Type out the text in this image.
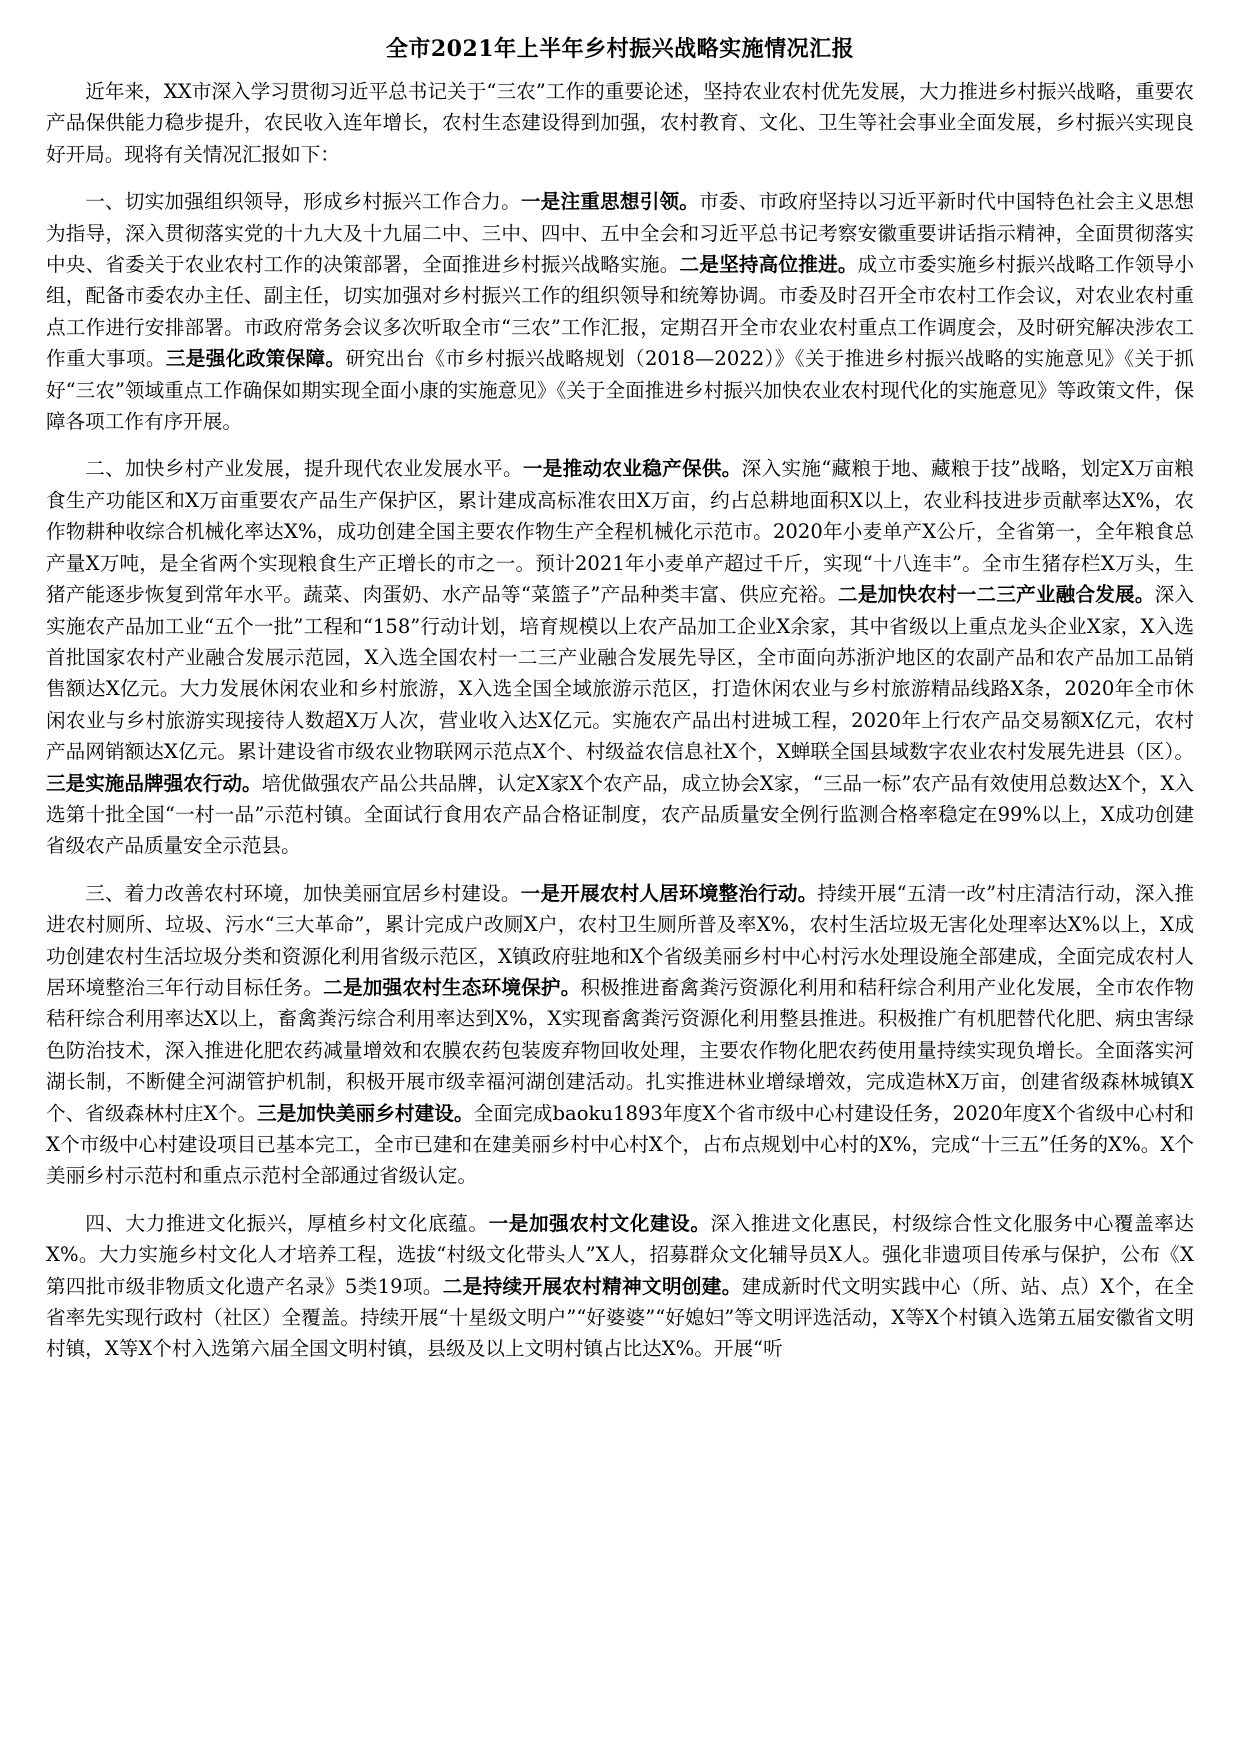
全市2021年上半年乡村振兴战略实施情况汇报

近年来，XX市深入学习贯彻习近平总书记关于“三农”工作的重要论述，坚持农业农村优先发展，大力推进乡村振兴战略，重要农产品保供能力稳步提升，农民收入连年增长，农村生态建设得到加强，农村教育、文化、卫生等社会事业全面发展，乡村振兴实现良好开局。现将有关情况汇报如下：

一、切实加强组织领导，形成乡村振兴工作合力。一是注重思想引领。市委、市政府坚持以习近平新时代中国特色社会主义思想为指导，深入贯彻落实党的十九大及十九届二中、三中、四中、五中全会和习近平总书记考察安徽重要讲话指示精神，全面贯彻落实中央、省委关于农业农村工作的决策部署，全面推进乡村振兴战略实施。二是坚持高位推进。成立市委实施乡村振兴战略工作领导小组，配备市委农办主任、副主任，切实加强对乡村振兴工作的组织领导和统筹协调。市委及时召开全市农村工作会议，对农业农村重点工作进行安排部署。市政府常务会议多次听取全市“三农”工作汇报，定期召开全市农业农村重点工作调度会，及时研究解决涉农工作重大事项。三是强化政策保障。研究出台《市乡村振兴战略规划（2018—2022）》《关于推进乡村振兴战略的实施意见》《关于抓好“三农”领域重点工作确保如期实现全面小康的实施意见》《关于全面推进乡村振兴加快农业农村现代化的实施意见》等政策文件，保障各项工作有序开展。

二、加快乡村产业发展，提升现代农业发展水平。一是推动农业稳产保供。深入实施“藏粮于地、藏粮于技”战略，划定X万亩粮食生产功能区和X万亩重要农产品生产保护区，累计建成高标准农田X万亩，约占总耕地面积X以上，农业科技进步贡献率达X%，农作物耕种收综合机械化率达X%，成功创建全国主要农作物生产全程机械化示范市。2020年小麦单产X公斤，全省第一，全年粮食总产量X万吨，是全省两个实现粮食生产正增长的市之一。预计2021年小麦单产超过千斤，实现“十八连丰”。全市生猪存栏X万头，生猪产能逐步恢复到常年水平。蔬菜、肉蛋奶、水产品等“菜篮子”产品种类丰富、供应充裕。二是加快农村一二三产业融合发展。深入实施农产品加工业“五个一批”工程和“158”行动计划，培育规模以上农产品加工企业X余家，其中省级以上重点龙头企业X家，X入选首批国家农村产业融合发展示范园，X入选全国农村一二三产业融合发展先导区，全市面向苏浙沪地区的农副产品和农产品加工品销售额达X亿元。大力发展休闲农业和乡村旅游，X入选全国全域旅游示范区，打造休闲农业与乡村旅游精品线路X条，2020年全市休闲农业与乡村旅游实现接待人数超X万人次，营业收入达X亿元。实施农产品出村进城工程，2020年上行农产品交易额X亿元，农村产品网销额达X亿元。累计建设省市级农业物联网示范点X个、村级益农信息社X个，X蝉联全国县域数字农业农村发展先进县（区）。三是实施品牌强农行动。培优做强农产品公共品牌，认定X家X个农产品，成立协会X家，“三品一标”农产品有效使用总数达X个，X入选第十批全国“一村一品”示范村镇。全面试行食用农产品合格证制度，农产品质量安全例行监测合格率稳定在99%以上，X成功创建省级农产品质量安全示范县。

三、着力改善农村环境，加快美丽宜居乡村建设。一是开展农村人居环境整治行动。持续开展“五清一改”村庄清洁行动，深入推进农村厕所、垃圾、污水“三大革命”，累计完成户改厕X户，农村卫生厕所普及率X%，农村生活垃圾无害化处理率达X%以上，X成功创建农村生活垃圾分类和资源化利用省级示范区，X镇政府驻地和X个省级美丽乡村中心村污水处理设施全部建成，全面完成农村人居环境整治三年行动目标任务。二是加强农村生态环境保护。积极推进畜禽粪污资源化利用和秸秆综合利用产业化发展，全市农作物秸秆综合利用率达X以上，畜禽粪污综合利用率达到X%，X实现畜禽粪污资源化利用整县推进。积极推广有机肥替代化肥、病虫害绿色防治技术，深入推进化肥农药减量增效和农膜农药包装废弃物回收处理，主要农作物化肥农药使用量持续实现负增长。全面落实河湖长制，不断健全河湖管护机制，积极开展市级幸福河湖创建活动。扎实推进林业增绿增效，完成造林X万亩，创建省级森林城镇X个、省级森林村庄X个。三是加快美丽乡村建设。全面完成baoku1893年度X个省市级中心村建设任务，2020年度X个省级中心村和X个市级中心村建设项目已基本完工，全市已建和在建美丽乡村中心村X个，占布点规划中心村的X%，完成“十三五”任务的X%。X个美丽乡村示范村和重点示范村全部通过省级认定。

四、大力推进文化振兴，厚植乡村文化底蕴。一是加强农村文化建设。深入推进文化惠民，村级综合性文化服务中心覆盖率达X%。大力实施乡村文化人才培养工程，选拔“村级文化带头人”X人，招募群众文化辅导员X人。强化非遗项目传承与保护，公布《X第四批市级非物质文化遗产名录》5类19项。二是持续开展农村精神文明创建。建成新时代文明实践中心（所、站、点）X个，在全省率先实现行政村（社区）全覆盖。持续开展“十星级文明户”“好婆婆”“好媳妇”等文明评选活动，X等X个村镇入选第五届安徽省文明村镇，X等X个村入选第六届全国文明村镇，县级及以上文明村镇占比达X%。开展“听
